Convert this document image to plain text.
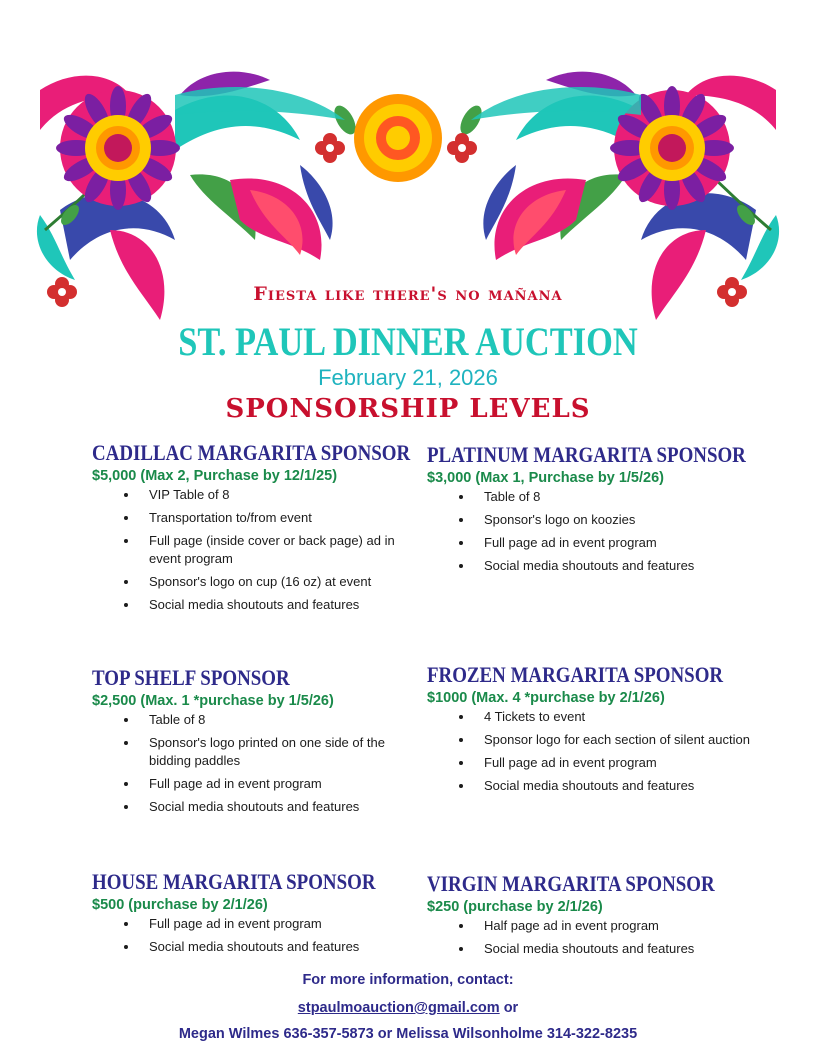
Fiesta like there's no mañana
ST. PAUL DINNER AUCTION
February 21, 2026
SPONSORSHIP LEVELS
CADILLAC MARGARITA SPONSOR
$5,000 (Max 2, Purchase by 12/1/25)
• VIP Table of 8
• Transportation to/from event
• Full page (inside cover or back page) ad in event program
• Sponsor's logo on cup (16 oz) at event
• Social media shoutouts and features
PLATINUM MARGARITA SPONSOR
$3,000 (Max 1, Purchase by 1/5/26)
• Table of 8
• Sponsor's logo on koozies
• Full page ad in event program
• Social media shoutouts and features
TOP SHELF SPONSOR
$2,500 (Max. 1 *purchase by 1/5/26)
• Table of 8
• Sponsor's logo printed on one side of the bidding paddles
• Full page ad in event program
• Social media shoutouts and features
FROZEN MARGARITA SPONSOR
$1000 (Max. 4 *purchase by 2/1/26)
• 4 Tickets to event
• Sponsor logo for each section of silent auction
• Full page ad in event program
• Social media shoutouts and features
HOUSE MARGARITA SPONSOR
$500 (purchase by 2/1/26)
• Full page ad in event program
• Social media shoutouts and features
VIRGIN MARGARITA SPONSOR
$250 (purchase by 2/1/26)
• Half page ad in event program
• Social media shoutouts and features
For more information, contact:
stpaulmoauction@gmail.com or
Megan Wilmes 636-357-5873 or Melissa Wilsonholme 314-322-8235
